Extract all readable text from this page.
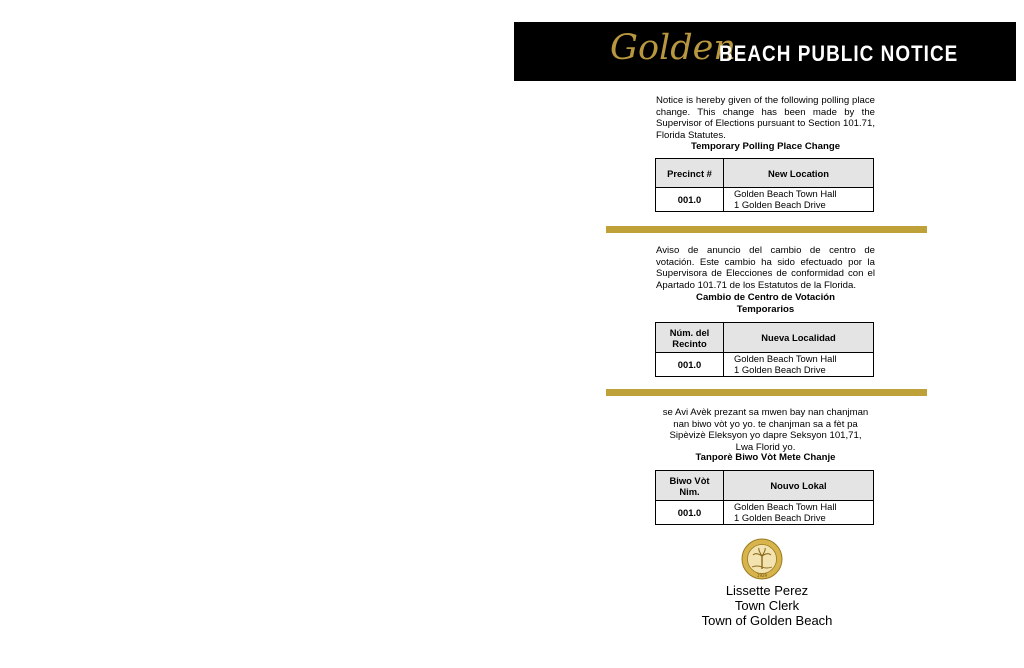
Golden
BEACH PUBLIC NOTICE
Notice is hereby given of the following polling place change. This change has been made by the Supervisor of Elections pursuant to Section 101.71, Florida Statutes.
Temporary Polling Place Change
Precinct #	New Location
001.0	Golden Beach Town Hall
1 Golden Beach Drive
Aviso de anuncio del cambio de centro de votación. Este cambio ha sido efectuado por la Supervisora de Elecciones de conformidad con el Apartado 101.71 de los Estatutos de la Florida.
Cambio de Centro de Votación
Temporarios
Núm. del
Recinto	Nueva Localidad
001.0	Golden Beach Town Hall
1 Golden Beach Drive
se Avi Avèk prezant sa mwen bay nan chanjman
nan biwo vòt yo yo. te chanjman sa a fèt pa
Sipèvizè Eleksyon yo dapre Seksyon 101,71,
Lwa Florid yo.
Tanporè Biwo Vòt Mete Chanje
Biwo Vòt
Nim.	Nouvo Lokal
001.0	Golden Beach Town Hall
1 Golden Beach Drive
1929
Lissette Perez
Town Clerk
Town of Golden Beach
